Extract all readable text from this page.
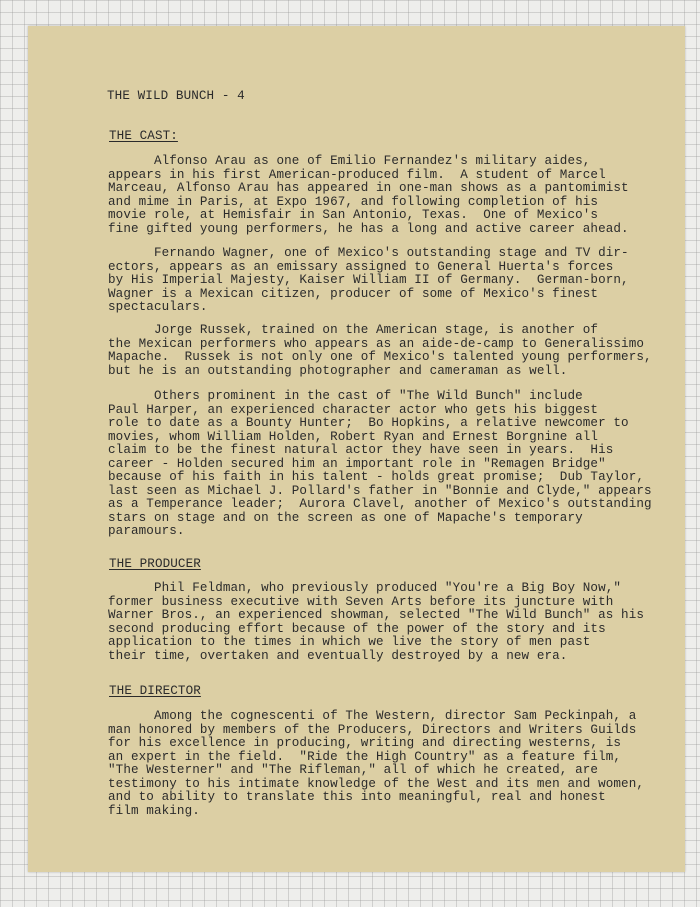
THE WILD BUNCH - 4
THE CAST:
Alfonso Arau as one of Emilio Fernandez's military aides,
appears in his first American-produced film.  A student of Marcel
Marceau, Alfonso Arau has appeared in one-man shows as a pantomimist
and mime in Paris, at Expo 1967, and following completion of his
movie role, at Hemisfair in San Antonio, Texas.  One of Mexico's
fine gifted young performers, he has a long and active career ahead.
Fernando Wagner, one of Mexico's outstanding stage and TV dir-
ectors, appears as an emissary assigned to General Huerta's forces
by His Imperial Majesty, Kaiser William II of Germany.  German-born,
Wagner is a Mexican citizen, producer of some of Mexico's finest
spectaculars.
Jorge Russek, trained on the American stage, is another of
the Mexican performers who appears as an aide-de-camp to Generalissimo
Mapache.  Russek is not only one of Mexico's talented young performers,
but he is an outstanding photographer and cameraman as well.
Others prominent in the cast of "The Wild Bunch" include
Paul Harper, an experienced character actor who gets his biggest
role to date as a Bounty Hunter;  Bo Hopkins, a relative newcomer to
movies, whom William Holden, Robert Ryan and Ernest Borgnine all
claim to be the finest natural actor they have seen in years.  His
career - Holden secured him an important role in "Remagen Bridge"
because of his faith in his talent - holds great promise;  Dub Taylor,
last seen as Michael J. Pollard's father in "Bonnie and Clyde," appears
as a Temperance leader;  Aurora Clavel, another of Mexico's outstanding
stars on stage and on the screen as one of Mapache's temporary
paramours.
THE PRODUCER
Phil Feldman, who previously produced "You're a Big Boy Now,"
former business executive with Seven Arts before its juncture with
Warner Bros., an experienced showman, selected "The Wild Bunch" as his
second producing effort because of the power of the story and its
application to the times in which we live the story of men past
their time, overtaken and eventually destroyed by a new era.
THE DIRECTOR
Among the cognescenti of The Western, director Sam Peckinpah, a
man honored by members of the Producers, Directors and Writers Guilds
for his excellence in producing, writing and directing westerns, is
an expert in the field.  "Ride the High Country" as a feature film,
"The Westerner" and "The Rifleman," all of which he created, are
testimony to his intimate knowledge of the West and its men and women,
and to ability to translate this into meaningful, real and honest
film making.
